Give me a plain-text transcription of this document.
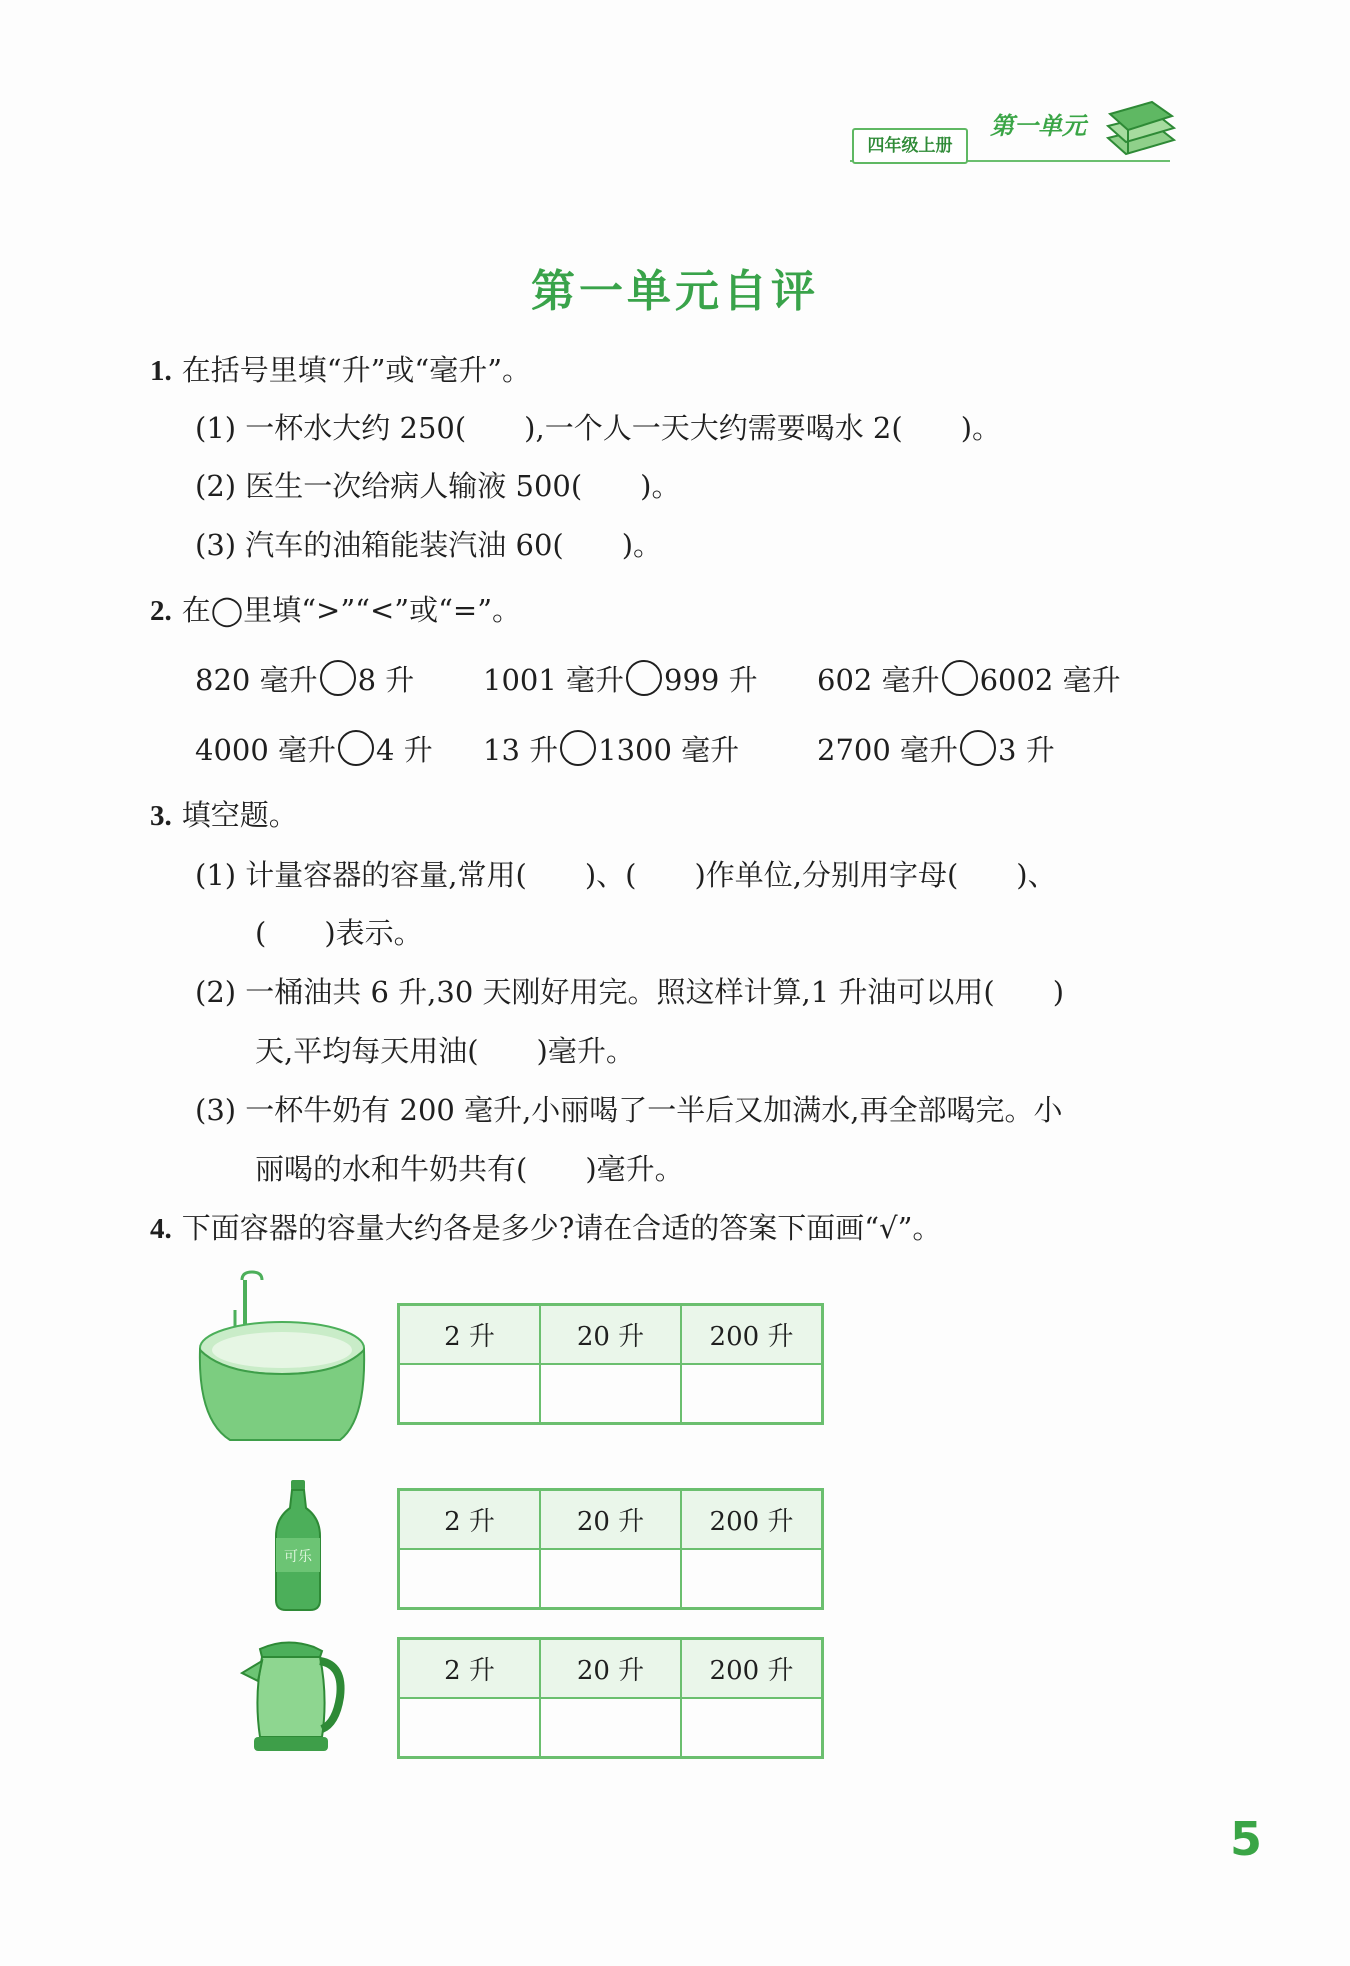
四年级上册
第一单元
第一单元自评
1. 在括号里填“升”或“毫升”。
(1) 一杯水大约 250(　　),一个人一天大约需要喝水 2(　　)。
(2) 医生一次给病人输液 500(　　)。
(3) 汽车的油箱能装汽油 60(　　)。
2. 在◯里填“>”“<”或“=”。
820 毫升 8 升 1001 毫升 999 升 602 毫升 6002 毫升
4000 毫升 4 升 13 升 1300 毫升	2700 毫升 3 升
3. 填空题。
(1) 计量容器的容量,常用(　　)、(　　)作单位,分别用字母(　　)、
(　　)表示。
(2) 一桶油共 6 升,30 天刚好用完。照这样计算,1 升油可以用(　　)
天,平均每天用油(　　)毫升。
(3) 一杯牛奶有 200 毫升,小丽喝了一半后又加满水,再全部喝完。小
丽喝的水和牛奶共有(　　)毫升。
4. 下面容器的容量大约各是多少?请在合适的答案下面画“√”。
2 升	20 升	200 升

可乐
2 升	20 升	200 升

2 升	20 升	200 升

5
